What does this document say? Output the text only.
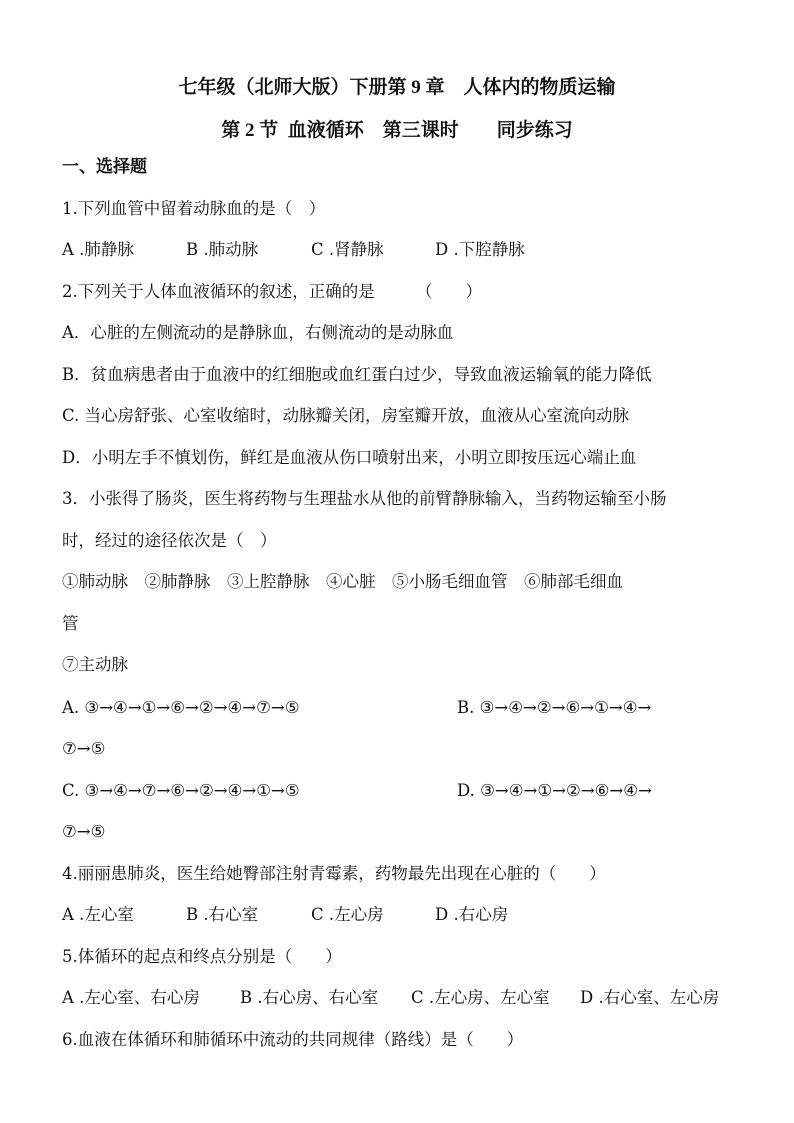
七年级（北师大版）下册第 9 章　人体内的物质运输
第 2 节  血液循环　第三课时　　同步练习
一、选择题
1.下列血管中留着动脉血的是（　）
A .肺静脉	B .肺动脉	C .肾静脉	D .下腔静脉
2.下列关于人体血液循环的叙述，正确的是　　　（　　）
A．心脏的左侧流动的是静脉血，右侧流动的是动脉血
B．贫血病患者由于血液中的红细胞或血红蛋白过少，导致血液运输氧的能力降低
C. 当心房舒张、心室收缩时，动脉瓣关闭，房室瓣开放，血液从心室流向动脉
D．小明左手不慎划伤，鲜红是血液从伤口喷射出来，小明立即按压远心端止血
3．小张得了肠炎，医生将药物与生理盐水从他的前臂静脉输入，当药物运输至小肠
时，经过的途径依次是（　）
①肺动脉　②肺静脉　③上腔静脉　④心脏　⑤小肠毛细血管　⑥肺部毛细血
管
⑦主动脉
A. ③→④→①→⑥→②→④→⑦→⑤	B. ③→④→②→⑥→①→④→
⑦→⑤
C. ③→④→⑦→⑥→②→④→①→⑤	D. ③→④→①→②→⑥→④→
⑦→⑤
4.丽丽患肺炎，医生给她臀部注射青霉素，药物最先出现在心脏的（　　）
A .左心室	B .右心室	C .左心房	D .右心房
5.体循环的起点和终点分别是（　　）
A .左心室、右心房 B .右心房、右心室 C .左心房、左心室 D .右心室、左心房
6.血液在体循环和肺循环中流动的共同规律（路线）是（　　）
